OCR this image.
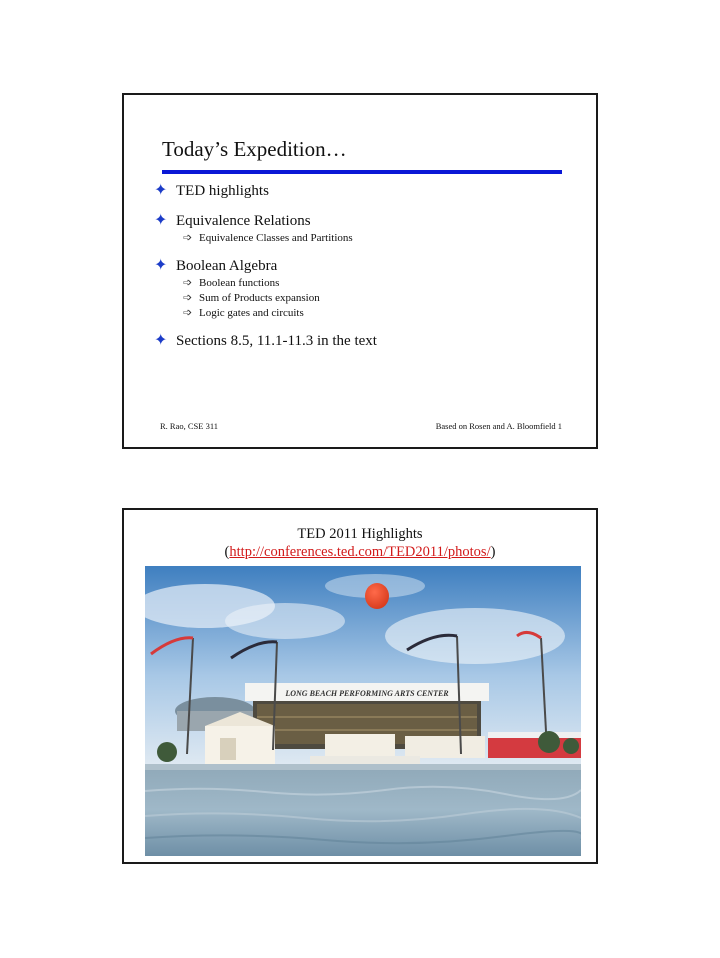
Today’s Expedition…
✦ TED highlights
✦ Equivalence Relations
➩ Equivalence Classes and Partitions
✦ Boolean Algebra
➩ Boolean functions
➩ Sum of Products expansion
➩ Logic gates and circuits
✦ Sections 8.5, 11.1-11.3 in the text
R. Rao, CSE 311	Based on Rosen and A. Bloomfield 1
TED 2011 Highlights
(http://conferences.ted.com/TED2011/photos/)
LONG BEACH PERFORMING ARTS CENTER
